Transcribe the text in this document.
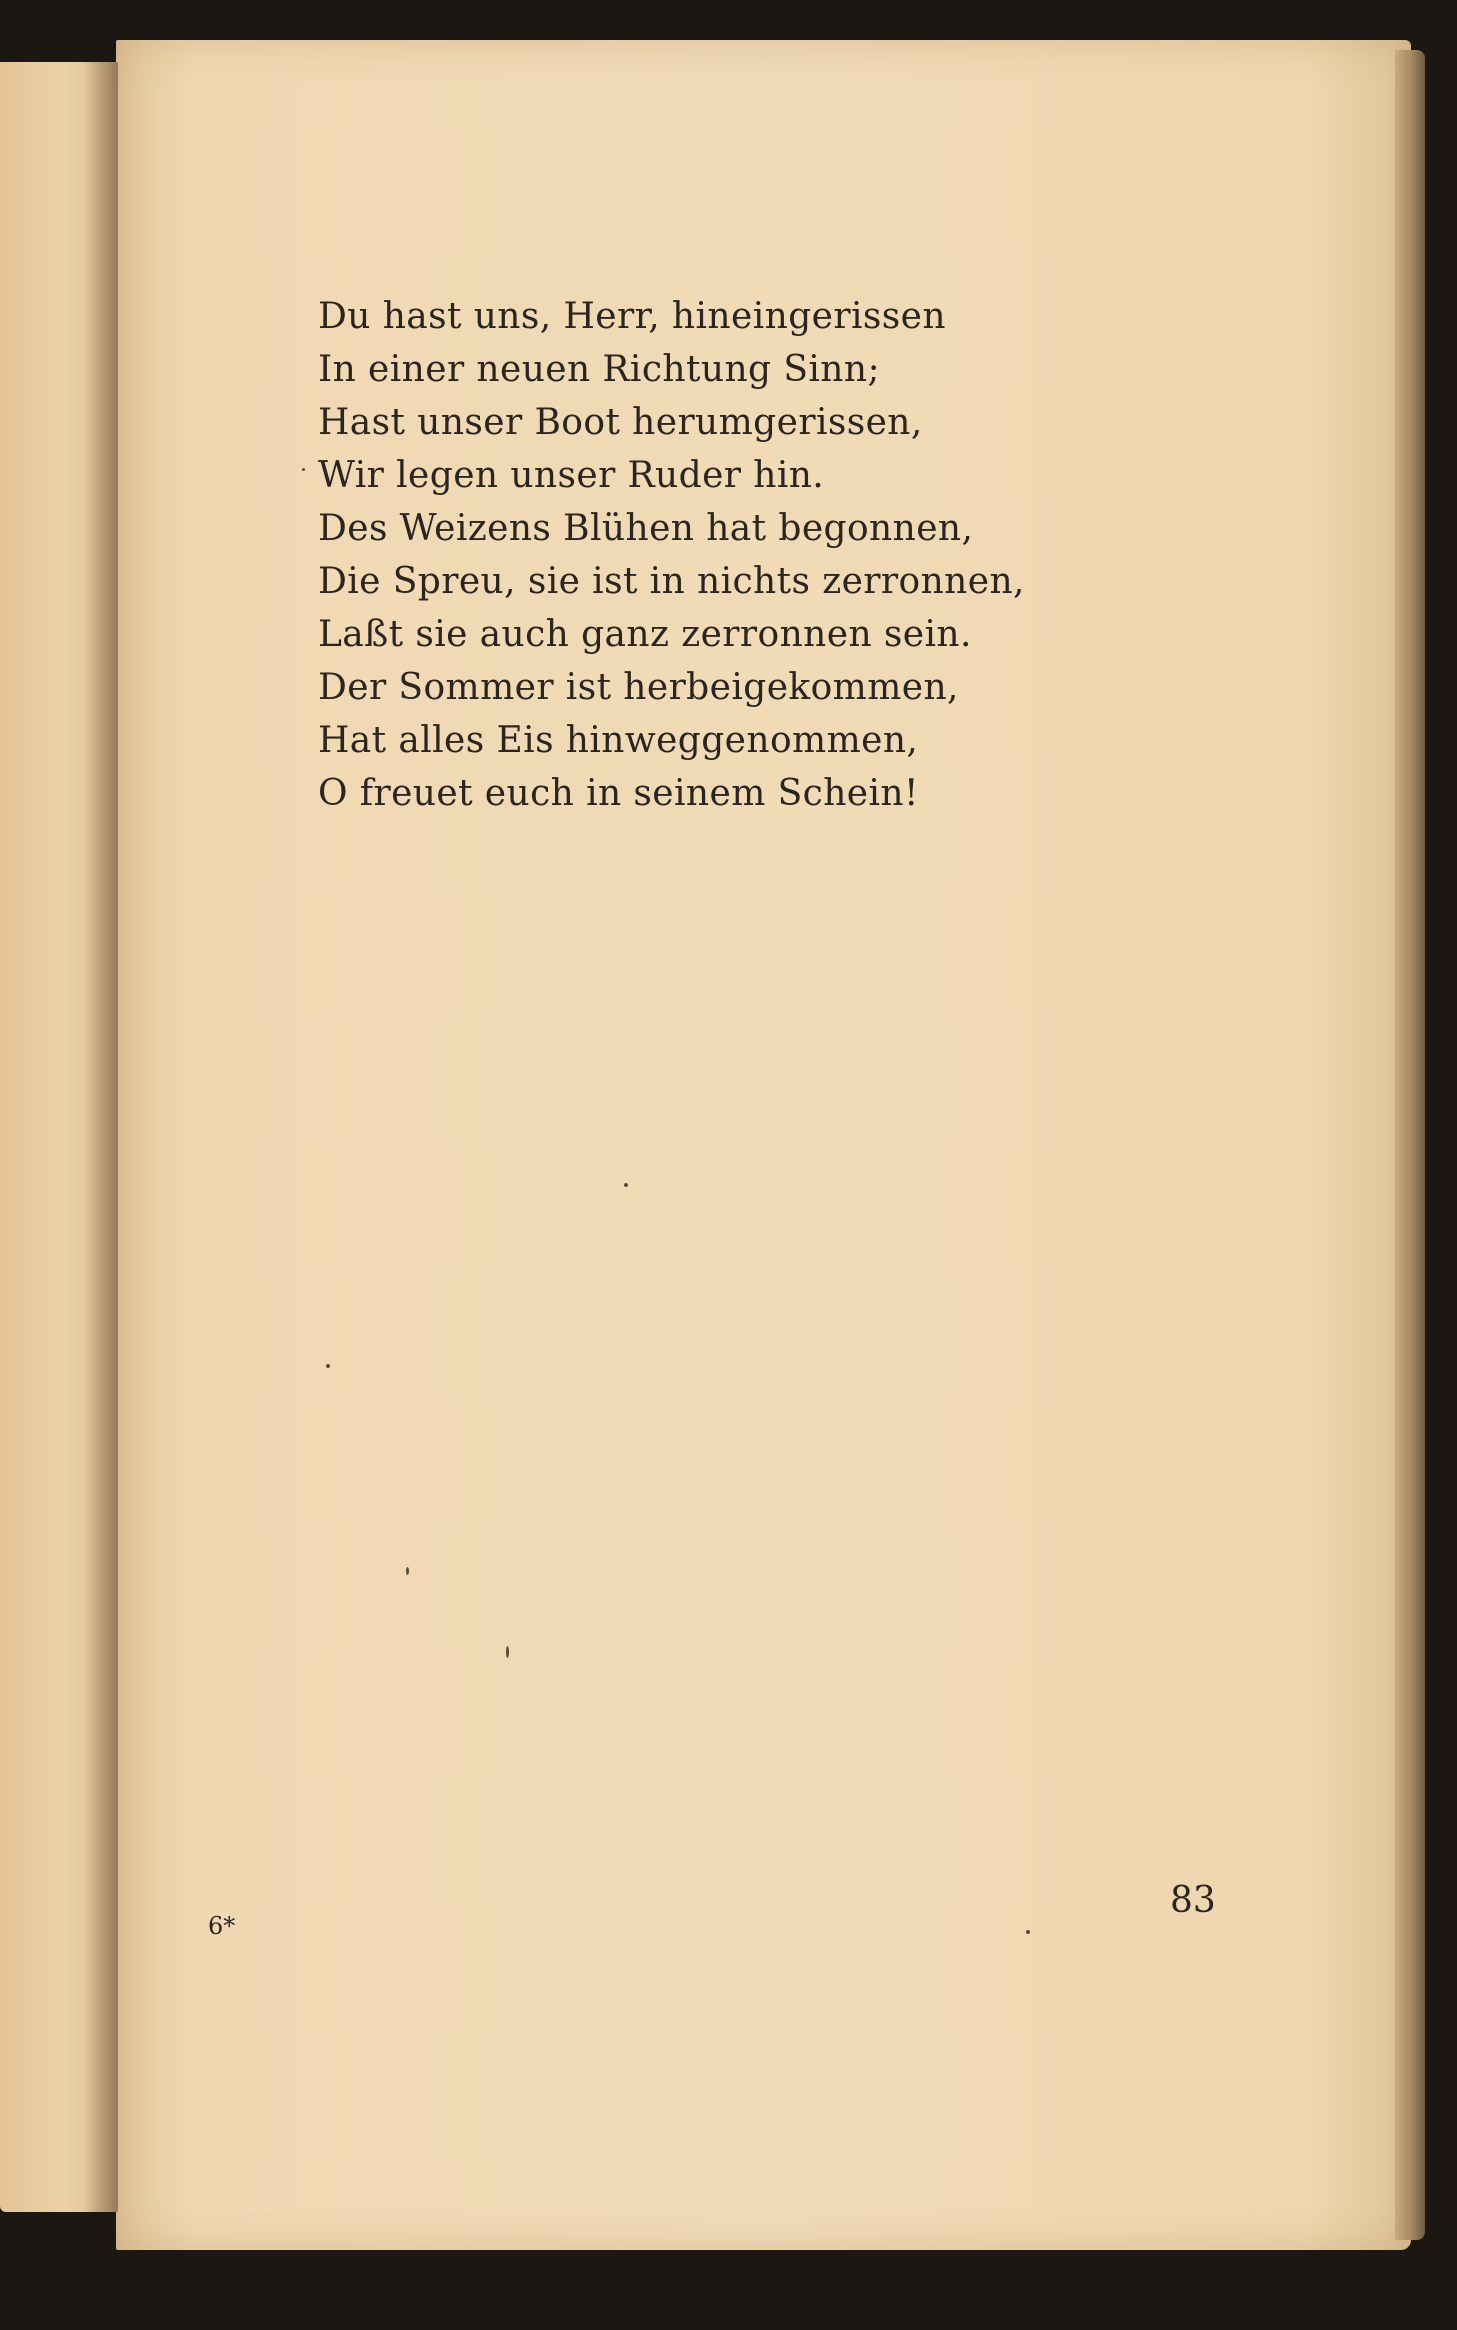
Du hast uns, Herr, hineingerissen
In einer neuen Richtung Sinn;
Hast unser Boot herumgerissen,
Wir legen unser Ruder hin.
Des Weizens Blühen hat begonnen,
Die Spreu, sie ist in nichts zerronnen,
Laßt sie auch ganz zerronnen sein.
Der Sommer ist herbeigekommen,
Hat alles Eis hinweggenommen,
O freuet euch in seinem Schein!
6*
83
